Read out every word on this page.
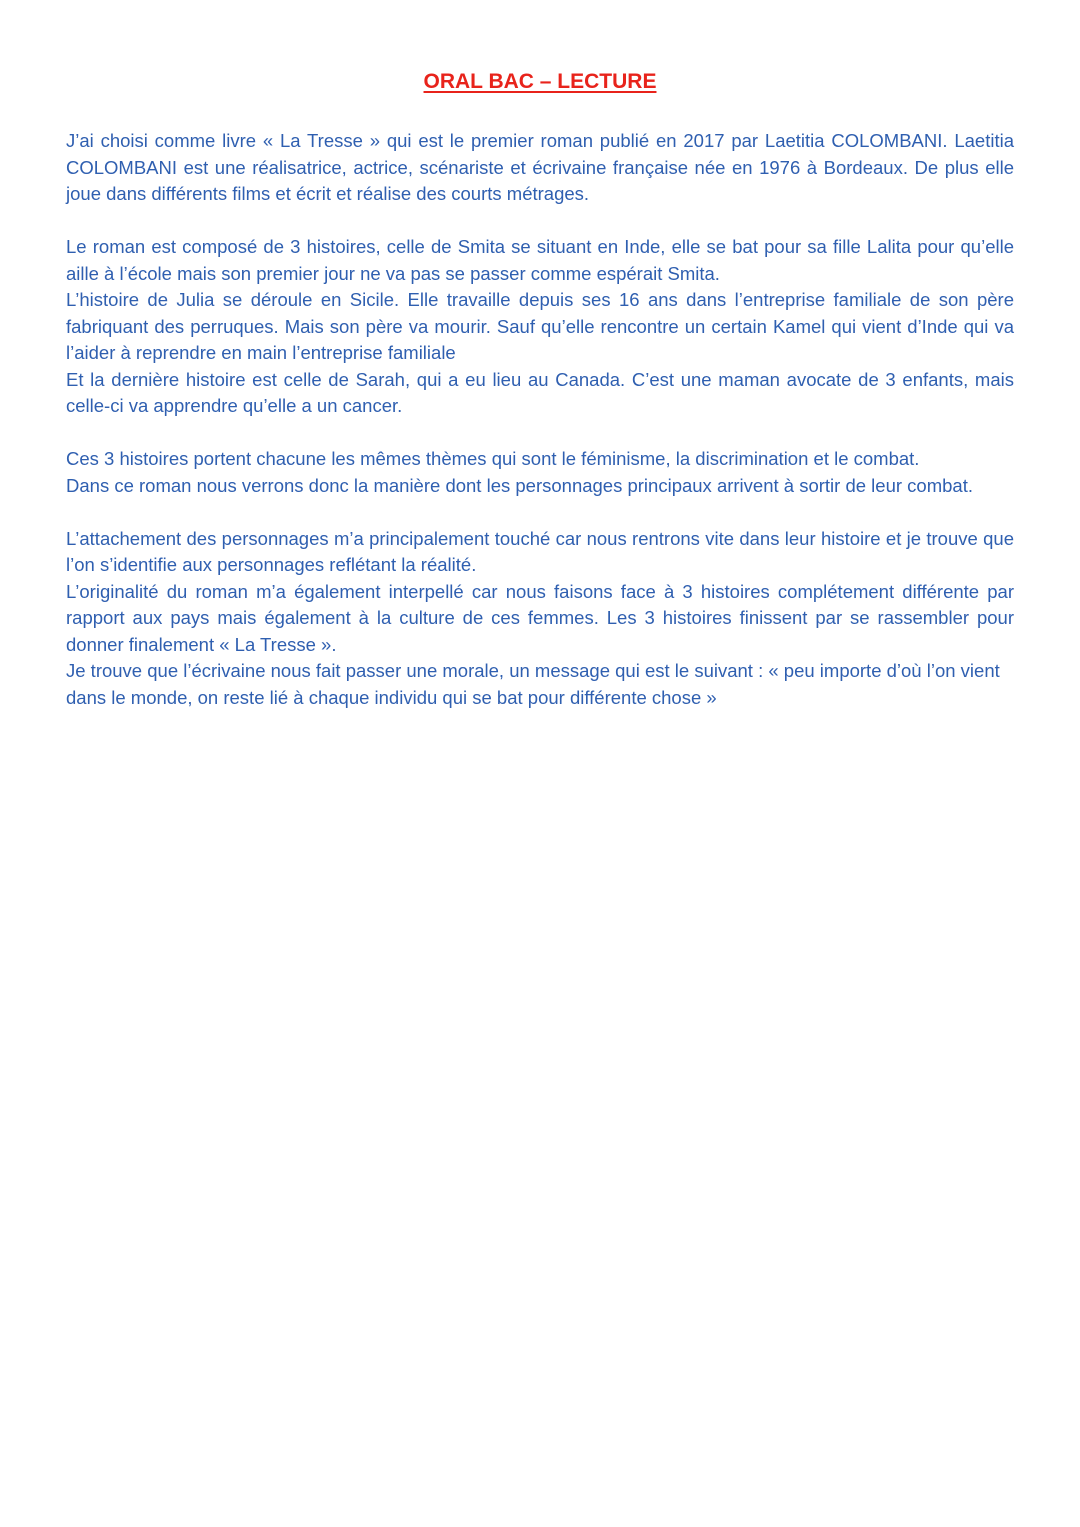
ORAL BAC – LECTURE

J’ai choisi comme livre « La Tresse » qui est le premier roman publié en 2017 par Laetitia COLOMBANI. Laetitia COLOMBANI est une réalisatrice, actrice, scénariste et écrivaine française née en 1976 à Bordeaux. De plus elle joue dans différents films et écrit et réalise des courts métrages.

Le roman est composé de 3 histoires, celle de Smita se situant en Inde, elle se bat pour sa fille Lalita pour qu’elle aille à l’école mais son premier jour ne va pas se passer comme espérait Smita.

L’histoire de Julia se déroule en Sicile. Elle travaille depuis ses 16 ans dans l’entreprise familiale de son père fabriquant des perruques. Mais son père va mourir. Sauf qu’elle rencontre un certain Kamel qui vient d’Inde qui va l’aider à reprendre en main l’entreprise familiale

Et la dernière histoire est celle de Sarah, qui a eu lieu au Canada. C’est une maman avocate de 3 enfants, mais celle-ci va apprendre qu’elle a un cancer.

Ces 3 histoires portent chacune les mêmes thèmes qui sont le féminisme, la discrimination et le combat.

Dans ce roman nous verrons donc la manière dont les personnages principaux arrivent à sortir de leur combat.

L’attachement des personnages m’a principalement touché car nous rentrons vite dans leur histoire et je trouve que l’on s’identifie aux personnages reflétant la réalité.

L’originalité du roman m’a également interpellé car nous faisons face à 3 histoires complétement différente par rapport aux pays mais également à la culture de ces femmes. Les 3 histoires finissent par se rassembler pour donner finalement « La Tresse ».

Je trouve que l’écrivaine nous fait passer une morale, un message qui est le suivant : « peu importe d’où l’on vient dans le monde, on reste lié à chaque individu qui se bat pour différente chose »
